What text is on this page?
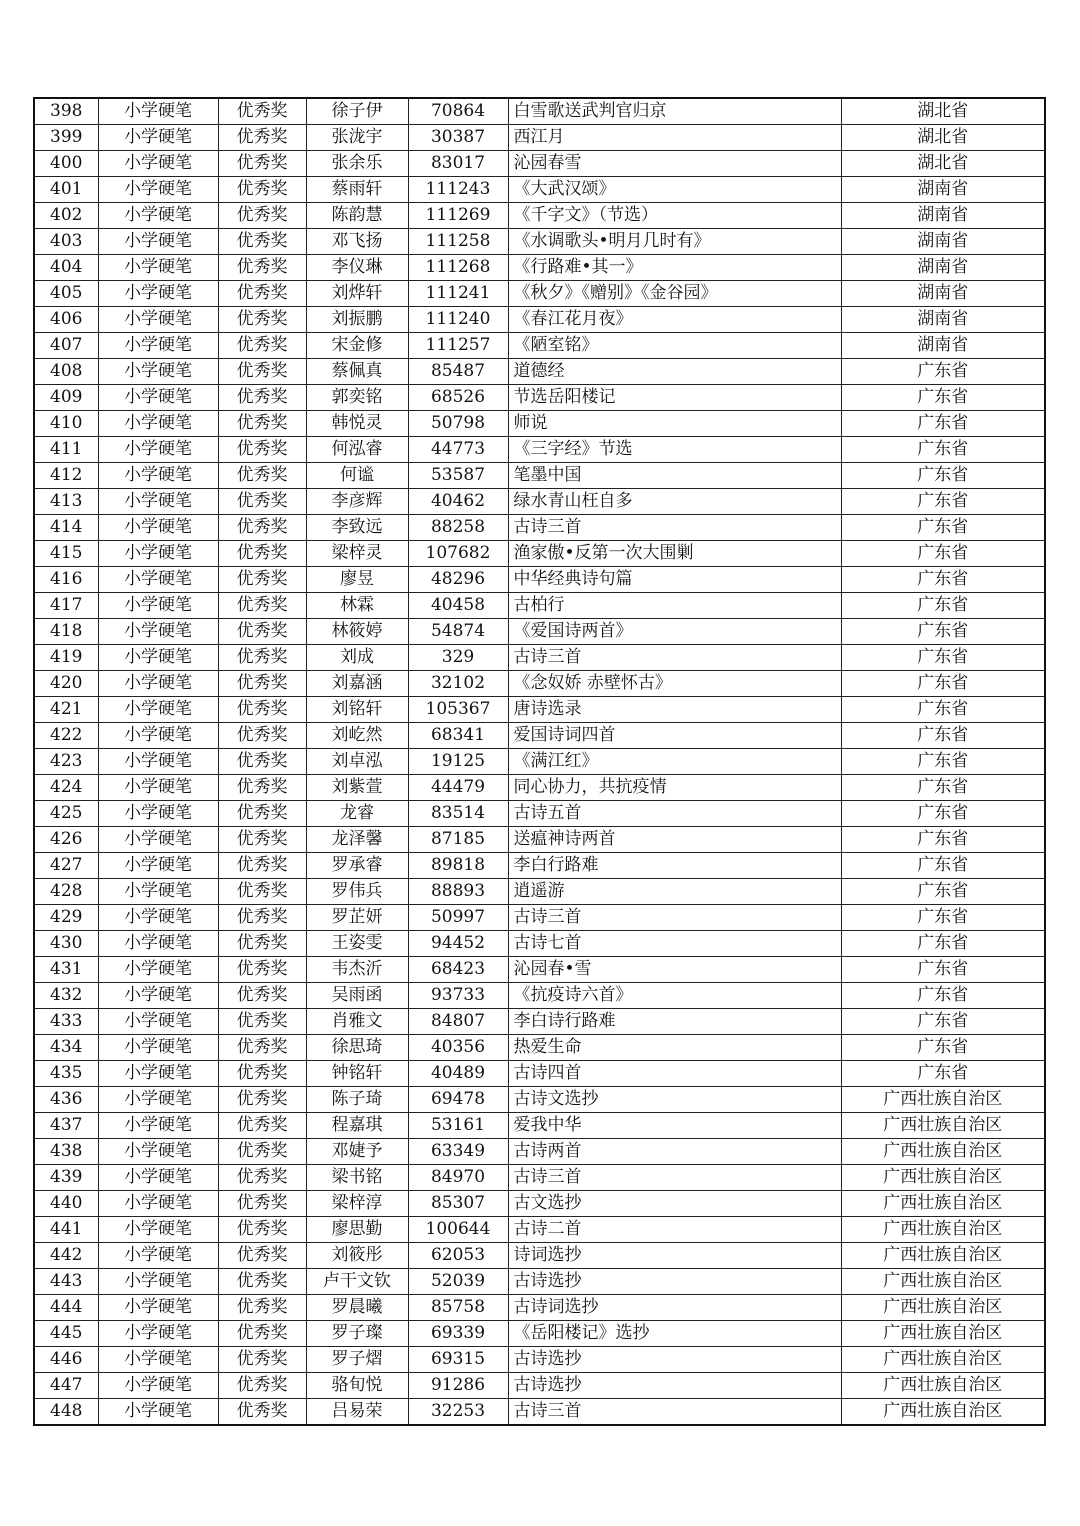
398	小学硬笔	优秀奖	徐子伊	70864	白雪歌送武判官归京	湖北省
399	小学硬笔	优秀奖	张泷宇	30387	西江月	湖北省
400	小学硬笔	优秀奖	张余乐	83017	沁园春雪	湖北省
401	小学硬笔	优秀奖	蔡雨轩	111243	《大武汉颂》	湖南省
402	小学硬笔	优秀奖	陈韵慧	111269	《千字文》（节选）	湖南省
403	小学硬笔	优秀奖	邓飞扬	111258	《水调歌头•明月几时有》	湖南省
404	小学硬笔	优秀奖	李仪琳	111268	《行路难•其一》	湖南省
405	小学硬笔	优秀奖	刘烨轩	111241	《秋夕》《赠别》《金谷园》	湖南省
406	小学硬笔	优秀奖	刘振鹏	111240	《春江花月夜》	湖南省
407	小学硬笔	优秀奖	宋金修	111257	《陋室铭》	湖南省
408	小学硬笔	优秀奖	蔡佩真	85487	道德经	广东省
409	小学硬笔	优秀奖	郭奕铭	68526	节选岳阳楼记	广东省
410	小学硬笔	优秀奖	韩悦灵	50798	师说	广东省
411	小学硬笔	优秀奖	何泓睿	44773	《三字经》节选	广东省
412	小学硬笔	优秀奖	何谧	53587	笔墨中国	广东省
413	小学硬笔	优秀奖	李彦辉	40462	绿水青山枉自多	广东省
414	小学硬笔	优秀奖	李致远	88258	古诗三首	广东省
415	小学硬笔	优秀奖	梁梓灵	107682	渔家傲•反第一次大围剿	广东省
416	小学硬笔	优秀奖	廖昱	48296	中华经典诗句篇	广东省
417	小学硬笔	优秀奖	林霖	40458	古柏行	广东省
418	小学硬笔	优秀奖	林筱婷	54874	《爱国诗两首》	广东省
419	小学硬笔	优秀奖	刘成	329	古诗三首	广东省
420	小学硬笔	优秀奖	刘嘉涵	32102	《念奴娇 赤壁怀古》	广东省
421	小学硬笔	优秀奖	刘铭轩	105367	唐诗选录	广东省
422	小学硬笔	优秀奖	刘屹然	68341	爱国诗词四首	广东省
423	小学硬笔	优秀奖	刘卓泓	19125	《满江红》	广东省
424	小学硬笔	优秀奖	刘紫萱	44479	同心协力，共抗疫情	广东省
425	小学硬笔	优秀奖	龙睿	83514	古诗五首	广东省
426	小学硬笔	优秀奖	龙泽馨	87185	送瘟神诗两首	广东省
427	小学硬笔	优秀奖	罗承睿	89818	李白行路难	广东省
428	小学硬笔	优秀奖	罗伟兵	88893	逍遥游	广东省
429	小学硬笔	优秀奖	罗芷妍	50997	古诗三首	广东省
430	小学硬笔	优秀奖	王姿雯	94452	古诗七首	广东省
431	小学硬笔	优秀奖	韦杰沂	68423	沁园春•雪	广东省
432	小学硬笔	优秀奖	吴雨函	93733	《抗疫诗六首》	广东省
433	小学硬笔	优秀奖	肖雅文	84807	李白诗行路难	广东省
434	小学硬笔	优秀奖	徐思琦	40356	热爱生命	广东省
435	小学硬笔	优秀奖	钟铭轩	40489	古诗四首	广东省
436	小学硬笔	优秀奖	陈子琦	69478	古诗文选抄	广西壮族自治区
437	小学硬笔	优秀奖	程嘉琪	53161	爱我中华	广西壮族自治区
438	小学硬笔	优秀奖	邓婕予	63349	古诗两首	广西壮族自治区
439	小学硬笔	优秀奖	梁书铭	84970	古诗三首	广西壮族自治区
440	小学硬笔	优秀奖	梁梓淳	85307	古文选抄	广西壮族自治区
441	小学硬笔	优秀奖	廖思勤	100644	古诗二首	广西壮族自治区
442	小学硬笔	优秀奖	刘筱彤	62053	诗词选抄	广西壮族自治区
443	小学硬笔	优秀奖	卢干文钦	52039	古诗选抄	广西壮族自治区
444	小学硬笔	优秀奖	罗晨曦	85758	古诗词选抄	广西壮族自治区
445	小学硬笔	优秀奖	罗子璨	69339	《岳阳楼记》选抄	广西壮族自治区
446	小学硬笔	优秀奖	罗子熠	69315	古诗选抄	广西壮族自治区
447	小学硬笔	优秀奖	骆旬悦	91286	古诗选抄	广西壮族自治区
448	小学硬笔	优秀奖	吕易荣	32253	古诗三首	广西壮族自治区
